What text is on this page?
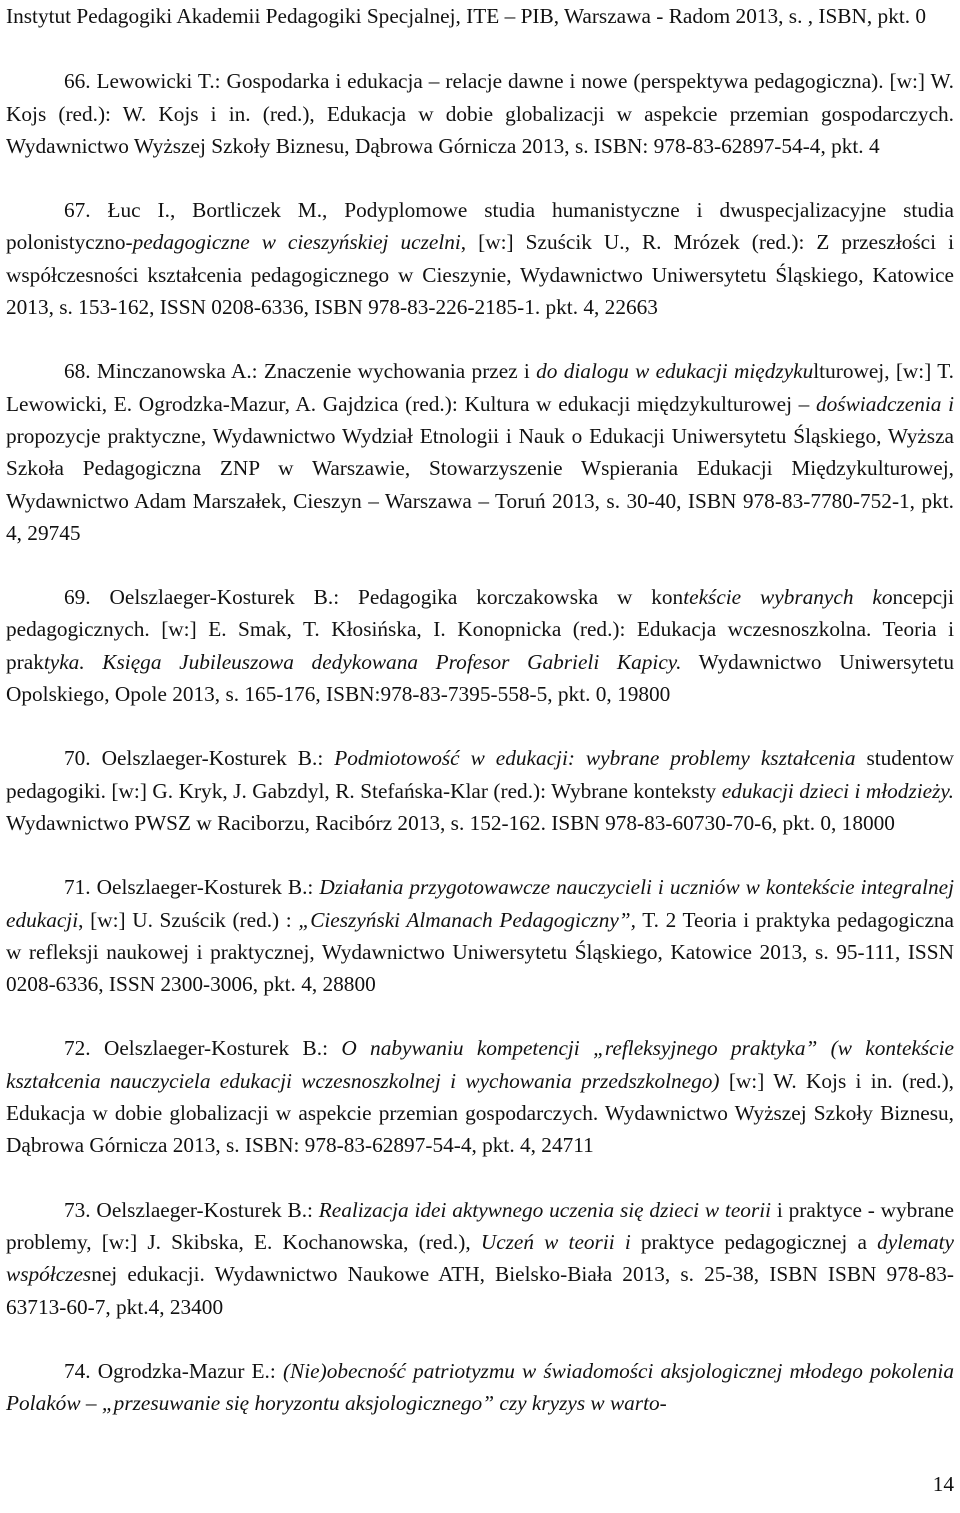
Instytut Pedagogiki Akademii Pedagogiki Specjalnej, ITE – PIB, Warszawa - Radom 2013, s. , ISBN, pkt. 0

66. Lewowicki T.: Gospodarka i edukacja – relacje dawne i nowe (perspektywa pedagogiczna). [w:] W. Kojs (red.): W. Kojs i in. (red.), Edukacja w dobie globalizacji w aspekcie przemian gospodarczych. Wydawnictwo Wyższej Szkoły Biznesu, Dąbrowa Górnicza 2013, s. ISBN: 978-83-62897-54-4, pkt. 4

67. Łuc I., Bortliczek M., Podyplomowe studia humanistyczne i dwuspecjalizacyjne studia polonistyczno-pedagogiczne w cieszyńskiej uczelni, [w:] Szuścik U., R. Mrózek (red.): Z przeszłości i współczesności kształcenia pedagogicznego w Cieszynie, Wydawnictwo Uniwersytetu Śląskiego, Katowice 2013, s. 153-162, ISSN 0208-6336, ISBN 978-83-226-2185-1. pkt. 4, 22663

68. Minczanowska A.: Znaczenie wychowania przez i do dialogu w edukacji międzykulturowej, [w:] T. Lewowicki, E. Ogrodzka-Mazur, A. Gajdzica (red.): Kultura w edukacji międzykulturowej – doświadczenia i propozycje praktyczne, Wydawnictwo Wydział Etnologii i Nauk o Edukacji Uniwersytetu Śląskiego, Wyższa Szkoła Pedagogiczna ZNP w Warszawie, Stowarzyszenie Wspierania Edukacji Międzykulturowej, Wydawnictwo Adam Marszałek, Cieszyn – Warszawa – Toruń 2013, s. 30-40, ISBN 978-83-7780-752-1, pkt. 4, 29745

69. Oelszlaeger-Kosturek B.: Pedagogika korczakowska w kontekście wybranych koncepcji pedagogicznych. [w:] E. Smak, T. Kłosińska, I. Konopnicka (red.): Edukacja wczesnoszkolna. Teoria i praktyka. Księga Jubileuszowa dedykowana Profesor Gabrieli Kapicy. Wydawnictwo Uniwersytetu Opolskiego, Opole 2013, s. 165-176, ISBN:978-83-7395-558-5, pkt. 0, 19800

70. Oelszlaeger-Kosturek B.: Podmiotowość w edukacji: wybrane problemy kształcenia studentow pedagogiki. [w:] G. Kryk, J. Gabzdyl, R. Stefańska-Klar (red.): Wybrane konteksty edukacji dzieci i młodzieży. Wydawnictwo PWSZ w Raciborzu, Racibórz 2013, s. 152-162. ISBN 978-83-60730-70-6, pkt. 0, 18000

71. Oelszlaeger-Kosturek B.: Działania przygotowawcze nauczycieli i uczniów w kontekście integralnej edukacji, [w:] U. Szuścik (red.) : „Cieszyński Almanach Pedagogiczny”, T. 2 Teoria i praktyka pedagogiczna w refleksji naukowej i praktycznej, Wydawnictwo Uniwersytetu Śląskiego, Katowice 2013, s. 95-111, ISSN 0208-6336, ISSN 2300-3006, pkt. 4, 28800

72. Oelszlaeger-Kosturek B.: O nabywaniu kompetencji „refleksyjnego praktyka” (w kontekście kształcenia nauczyciela edukacji wczesnoszkolnej i wychowania przedszkolnego) [w:] W. Kojs i in. (red.), Edukacja w dobie globalizacji w aspekcie przemian gospodarczych. Wydawnictwo Wyższej Szkoły Biznesu, Dąbrowa Górnicza 2013, s. ISBN: 978-83-62897-54-4, pkt. 4, 24711

73. Oelszlaeger-Kosturek B.: Realizacja idei aktywnego uczenia się dzieci w teorii i praktyce - wybrane problemy, [w:] J. Skibska, E. Kochanowska, (red.), Uczeń w teorii i praktyce pedagogicznej a dylematy współczesnej edukacji. Wydawnictwo Naukowe ATH, Bielsko-Biała 2013, s. 25-38, ISBN ISBN 978-83-63713-60-7, pkt.4, 23400

74. Ogrodzka-Mazur E.: (Nie)obecność patriotyzmu w świadomości aksjologicznej młodego pokolenia Polaków – „przesuwanie się horyzontu aksjologicznego” czy kryzys w warto-

14
